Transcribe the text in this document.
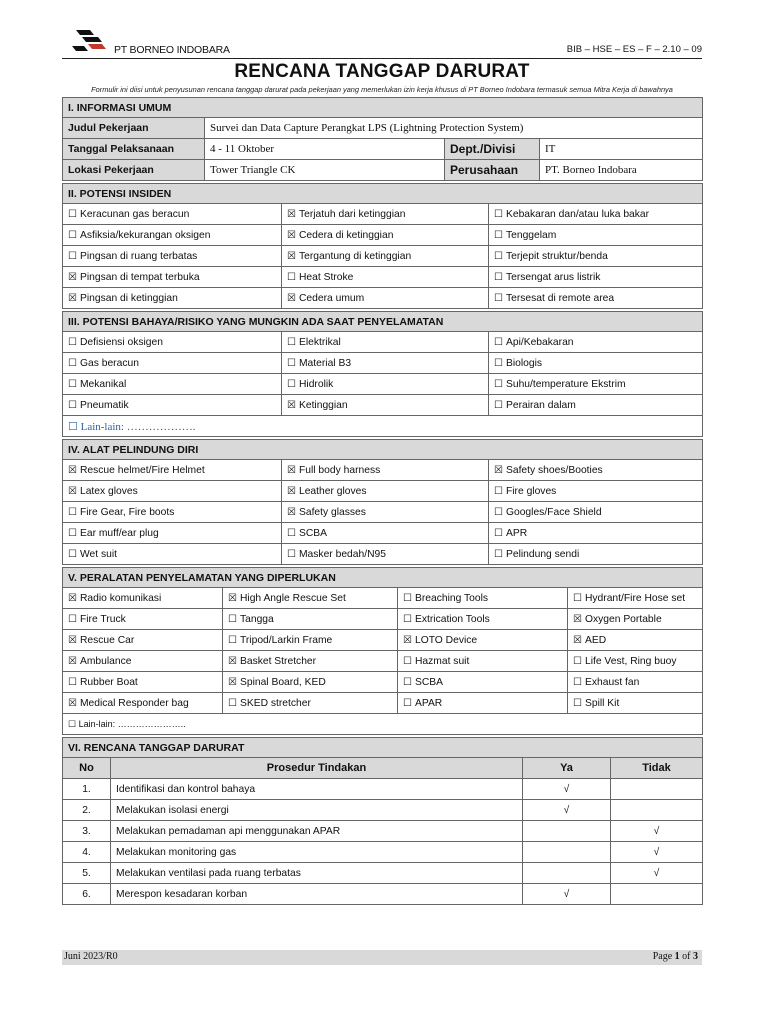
PT BORNEO INDOBARA	BIB – HSE – ES – F – 2.10 – 09
RENCANA TANGGAP DARURAT
Formulir ini diisi untuk penyusunan rencana tanggap darurat pada pekerjaan yang memerlukan izin kerja khusus di PT Borneo Indobara termasuk semua Mitra Kerja di bawahnya
I. INFORMASI UMUM			
Judul Pekerjaan	Survei dan Data Capture Perangkat LPS (Lightning Protection System)		
Tanggal Pelaksanaan	4 - 11 Oktober	Dept./Divisi	IT
Lokasi Pekerjaan	Tower Triangle CK	Perusahaan	PT. Borneo Indobara
II. POTENSI INSIDEN		
☐ Keracunan gas beracun	☒ Terjatuh dari ketinggian	☐ Kebakaran dan/atau luka bakar
☐ Asfiksia/kekurangan oksigen	☒ Cedera di ketinggian	☐ Tenggelam
☐ Pingsan di ruang terbatas	☒ Tergantung di ketinggian	☐ Terjepit struktur/benda
☒ Pingsan di tempat terbuka	☐ Heat Stroke	☐ Tersengat arus listrik
☒ Pingsan di ketinggian	☒ Cedera umum	☐ Tersesat di remote area
III. POTENSI BAHAYA/RISIKO YANG MUNGKIN ADA SAAT PENYELAMATAN		
☐ Defisiensi oksigen	☐ Elektrikal	☐ Api/Kebakaran
☐ Gas beracun	☐ Material B3	☐ Biologis
☐ Mekanikal	☐ Hidrolik	☐ Suhu/temperature Ekstrim
☐ Pneumatik	☒ Ketinggian	☐ Perairan dalam
☐ Lain-lain: ……………….		
IV. ALAT PELINDUNG DIRI		
☒ Rescue helmet/Fire Helmet	☒ Full body harness	☒ Safety shoes/Booties
☒ Latex gloves	☒ Leather gloves	☐ Fire gloves
☐ Fire Gear, Fire boots	☒ Safety glasses	☐ Googles/Face Shield
☐ Ear muff/ear plug	☐ SCBA	☐ APR
☐ Wet suit	☐ Masker bedah/N95	☐ Pelindung sendi
V. PERALATAN PENYELAMATAN YANG DIPERLUKAN			
☒ Radio komunikasi	☒ High Angle Rescue Set	☐ Breaching Tools	☐ Hydrant/Fire Hose set
☐ Fire Truck	☐ Tangga	☐ Extrication Tools	☒ Oxygen Portable
☒ Rescue Car	☐ Tripod/Larkin Frame	☒ LOTO Device	☒ AED
☒ Ambulance	☒ Basket Stretcher	☐ Hazmat suit	☐ Life Vest, Ring buoy
☐ Rubber Boat	☒ Spinal Board, KED	☐ SCBA	☐ Exhaust fan
☒ Medical Responder bag	☐ SKED stretcher	☐ APAR	☐ Spill Kit
☐ Lain-lain: …………………..			
VI. RENCANA TANGGAP DARURAT			
No	Prosedur Tindakan	Ya	Tidak
1.	Identifikasi dan kontrol bahaya	√	
2.	Melakukan isolasi energi	√	
3.	Melakukan pemadaman api menggunakan APAR		√
4.	Melakukan monitoring gas		√
5.	Melakukan ventilasi pada ruang terbatas		√
6.	Merespon kesadaran korban	√	
Juni 2023/R0	Page 1 of 3
